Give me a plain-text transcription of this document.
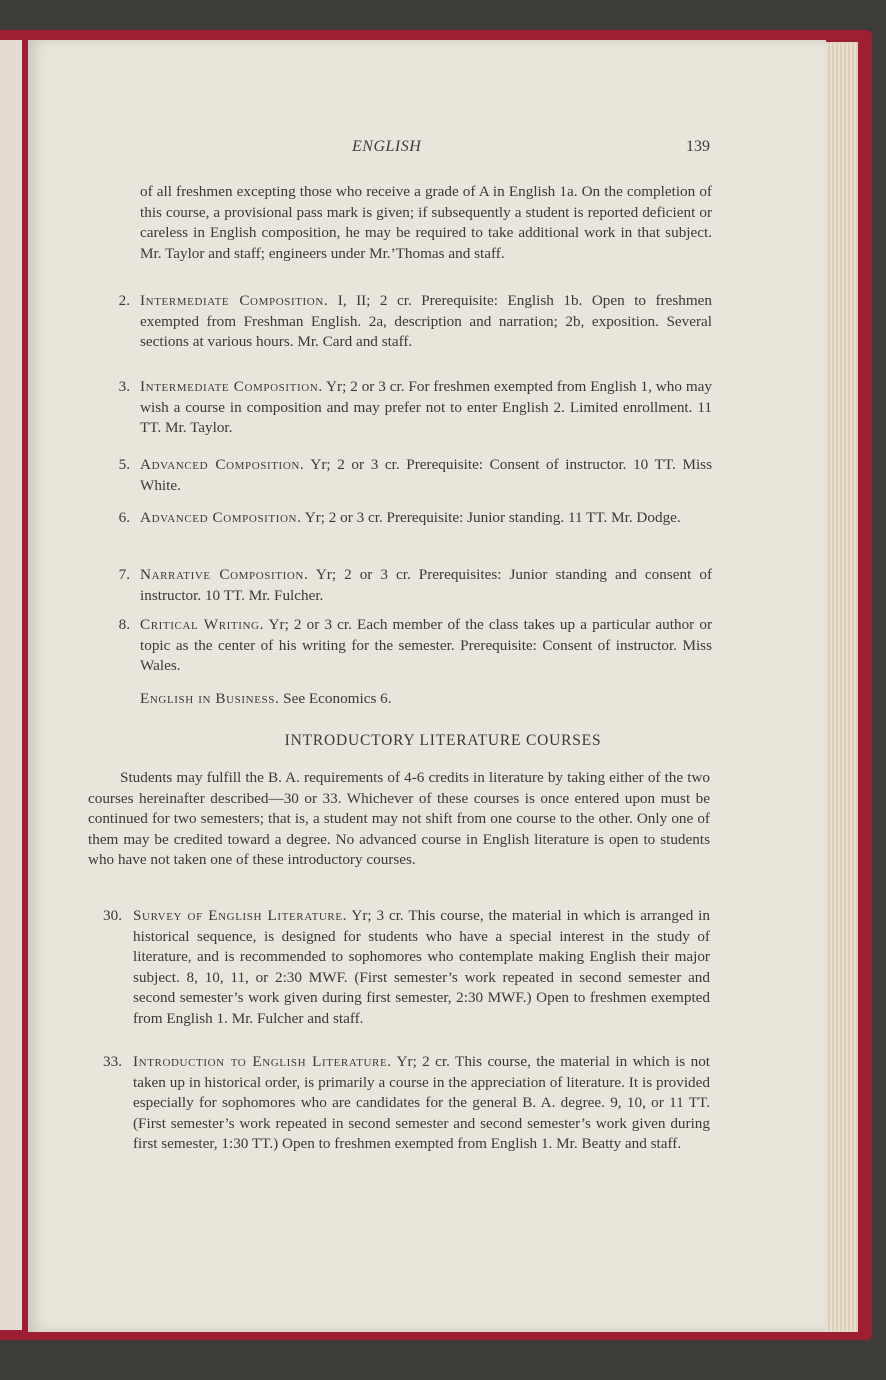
ENGLISH	139
of all freshmen excepting those who receive a grade of A in English 1a. On the completion of this course, a provisional pass mark is given; if subsequently a student is reported deficient or careless in English composition, he may be required to take additional work in that subject. Mr. Taylor and staff; engineers under Mr.’Thomas and staff.
2. Intermediate Composition. I, II; 2 cr. Prerequisite: English 1b. Open to freshmen exempted from Freshman English. 2a, description and narration; 2b, exposition. Several sections at various hours. Mr. Card and staff.
3. Intermediate Composition. Yr; 2 or 3 cr. For freshmen exempted from English 1, who may wish a course in composition and may prefer not to enter English 2. Limited enrollment. 11 TT. Mr. Taylor.
5. Advanced Composition. Yr; 2 or 3 cr. Prerequisite: Consent of instructor. 10 TT. Miss White.
6. Advanced Composition. Yr; 2 or 3 cr. Prerequisite: Junior standing. 11 TT. Mr. Dodge.
7. Narrative Composition. Yr; 2 or 3 cr. Prerequisites: Junior standing and consent of instructor. 10 TT. Mr. Fulcher.
8. Critical Writing. Yr; 2 or 3 cr. Each member of the class takes up a particular author or topic as the center of his writing for the semester. Prerequisite: Consent of instructor. Miss Wales.
English in Business. See Economics 6.
INTRODUCTORY LITERATURE COURSES
Students may fulfill the B. A. requirements of 4-6 credits in literature by taking either of the two courses hereinafter described—30 or 33. Whichever of these courses is once entered upon must be continued for two semesters; that is, a student may not shift from one course to the other. Only one of them may be credited toward a degree. No advanced course in English literature is open to students who have not taken one of these introductory courses.
30. Survey of English Literature. Yr; 3 cr. This course, the material in which is arranged in historical sequence, is designed for students who have a special interest in the study of literature, and is recommended to sophomores who contemplate making English their major subject. 8, 10, 11, or 2:30 MWF. (First semester’s work repeated in second semester and second semester’s work given during first semester, 2:30 MWF.) Open to freshmen exempted from English 1. Mr. Fulcher and staff.
33. Introduction to English Literature. Yr; 2 cr. This course, the material in which is not taken up in historical order, is primarily a course in the appreciation of literature. It is provided especially for sophomores who are candidates for the general B. A. degree. 9, 10, or 11 TT. (First semester’s work repeated in second semester and second semester’s work given during first semester, 1:30 TT.) Open to freshmen exempted from English 1. Mr. Beatty and staff.
